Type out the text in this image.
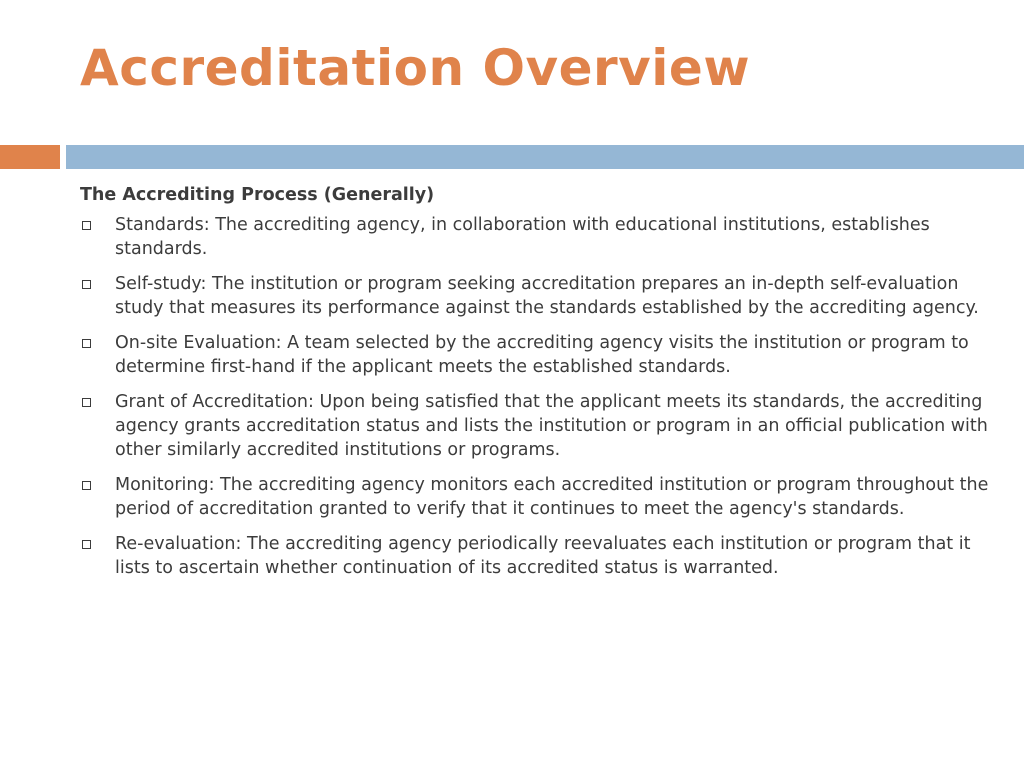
Accreditation Overview
The Accrediting Process (Generally)
Standards: The accrediting agency, in collaboration with educational institutions, establishes standards.
Self-study: The institution or program seeking accreditation prepares an in-depth self-evaluation study that measures its performance against the standards established by the accrediting agency.
On-site Evaluation: A team selected by the accrediting agency visits the institution or program to determine first-hand if the applicant meets the established standards.
Grant of Accreditation: Upon being satisfied that the applicant meets its standards, the accrediting agency grants accreditation status and lists the institution or program in an official publication with other similarly accredited institutions or programs.
Monitoring: The accrediting agency monitors each accredited institution or program throughout the period of accreditation granted to verify that it continues to meet the agency's standards.
Re-evaluation: The accrediting agency periodically reevaluates each institution or program that it lists to ascertain whether continuation of its accredited status is warranted.
